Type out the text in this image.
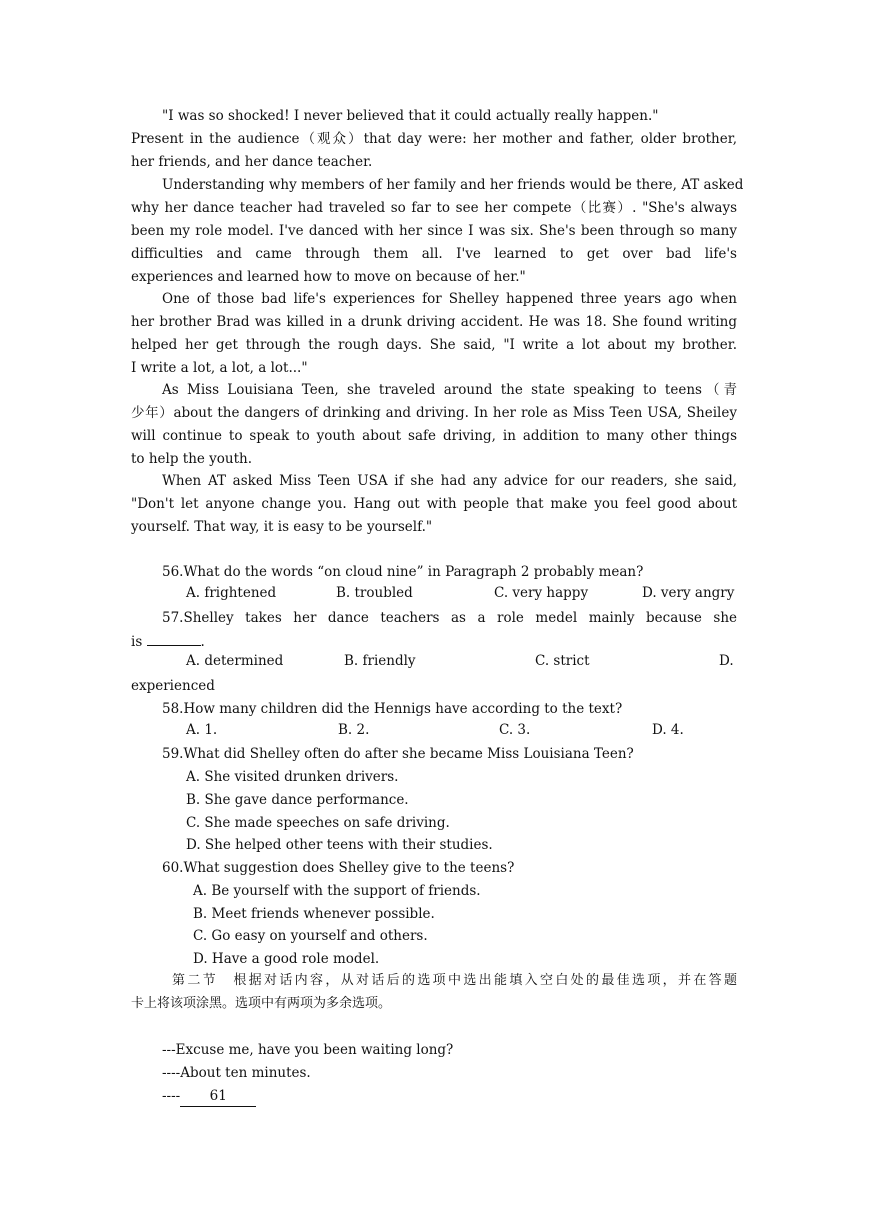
"I was so shocked! I never believed that it could actually really happen."
Present in the audience（观众）that day were: her mother and father, older brother,
her friends, and her dance teacher.
Understanding why members of her family and her friends would be there, AT asked
why her dance teacher had traveled so far to see her compete（比赛）. "She's always
been my role model. I've danced with her since I was six. She's been through so many
difficulties and came through them all. I've learned to get over bad life's
experiences and learned how to move on because of her."
One of those bad life's experiences for Shelley happened three years ago when
her brother Brad was killed in a drunk driving accident. He was 18. She found writing
helped her get through the rough days. She said, "I write a lot about my brother.
I write a lot, a lot, a lot..."
As Miss Louisiana Teen, she traveled around the state speaking to teens（青
少年）about the dangers of drinking and driving. In her role as Miss Teen USA, Sheiley
will continue to speak to youth about safe driving, in addition to many other things
to help the youth.
When AT asked Miss Teen USA if she had any advice for our readers, she said,
"Don't let anyone change you. Hang out with people that make you feel good about
yourself. That way, it is easy to be yourself."
56.What do the words “on cloud nine” in Paragraph 2 probably mean?
A. frightened	B. troubled	C. very happy	D. very angry
57.Shelley takes her dance teachers as a role medel mainly because she
is	.
A. determined	B. friendly	C. strict	D.
experienced
58.How many children did the Hennigs have according to the text?
A. 1.	B. 2.	C. 3.	D. 4.
59.What did Shelley often do after she became Miss Louisiana Teen?
A. She visited drunken drivers.
B. She gave dance performance.
C. She made speeches on safe driving.
D. She helped other teens with their studies.
60.What suggestion does Shelley give to the teens?
A. Be yourself with the support of friends.
B. Meet friends whenever possible.
C. Go easy on yourself and others.
D. Have a good role model.
第二节　根据对话内容，从对话后的选项中选出能填入空白处的最佳选项，并在答题
卡上将该项涂黑。选项中有两项为多余选项。
---Excuse me, have you been waiting long?
----About ten minutes.
---- 61
